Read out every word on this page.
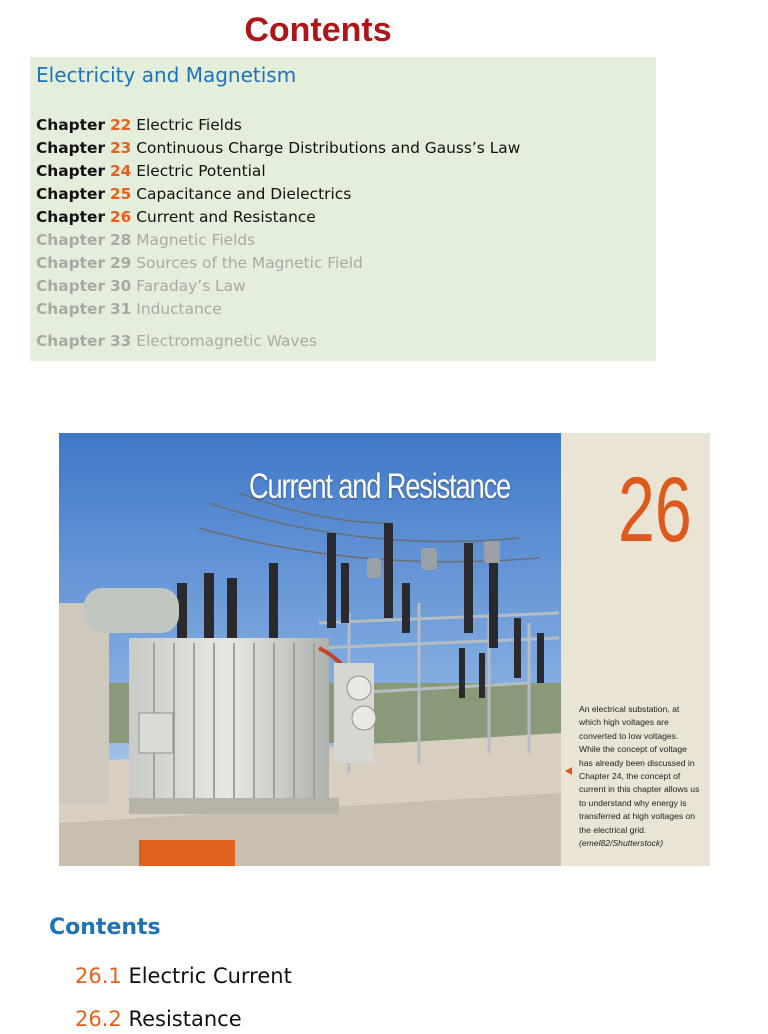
Contents
Electricity and Magnetism
Chapter 22 Electric Fields
Chapter 23 Continuous Charge Distributions and Gauss’s Law
Chapter 24 Electric Potential
Chapter 25 Capacitance and Dielectrics
Chapter 26 Current and Resistance
Chapter 28 Magnetic Fields
Chapter 29 Sources of the Magnetic Field
Chapter 30 Faraday’s Law
Chapter 31 Inductance
Chapter 33 Electromagnetic Waves
Current and Resistance 26
An electrical substation, at which high voltages are converted to low voltages. While the concept of voltage has already been discussed in Chapter 24, the concept of current in this chapter allows us to understand why energy is transferred at high voltages on the electrical grid. (emel82/Shutterstock)
Contents
26.1 Electric Current
26.2 Resistance
